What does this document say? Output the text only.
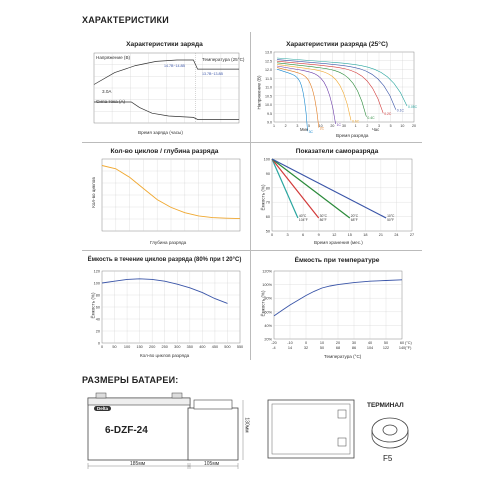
ХАРАКТЕРИСТИКИ
Характеристики заряда
Напряжение (В)	Температура (25°С)
14.7В~14.8В
13.7В~13.8В
3.0А
Сила тока (А)
Время заряда (часы)
Характеристики разряда (25°С)
13.0
12.5
12.0
11.5
11.0
10.5
10.0
9.5
9.0
1	2	3	5 10 20 30 1	2	3	5 10 20
0.05С
0.1С
0.2С
0.4С
0.6С
1С
2С
3С
Напряжение (В)
Время разряда
Мин	Час
Кол-во циклов / глубина разряда
Кол-во циклов
Глубина разряда
Показатели саморазряда
100
90
80
70
60
50
0	3	6	9	12	15	18	21	24	27
40°C
104°F
30°C
86°F
20°C
68°F
10°C
50°F
Ёмкость (%)
Время хранения (мес.)
Ёмкость в течение циклов разряда (80% при t 20°С)
120
100
80
60
40
20
0
0 50 100 150 200 250 300 350 400 450 500 550
Ёмкость (%)
Кол-во циклов разряда
Ёмкость при температуре
120%
100%
80%
60%
40%
20%
-20	-10	0	10	20	30	40	50	60
-4	14	32	50	68	86	104	122	140
(°C)
(°F)
Ёмкость (%)
Температура (°C)
РАЗМЕРЫ БАТАРЕИ:
Delta
6-DZF-24
185мм	105мм
130мм
ТЕРМИНАЛ
F5
